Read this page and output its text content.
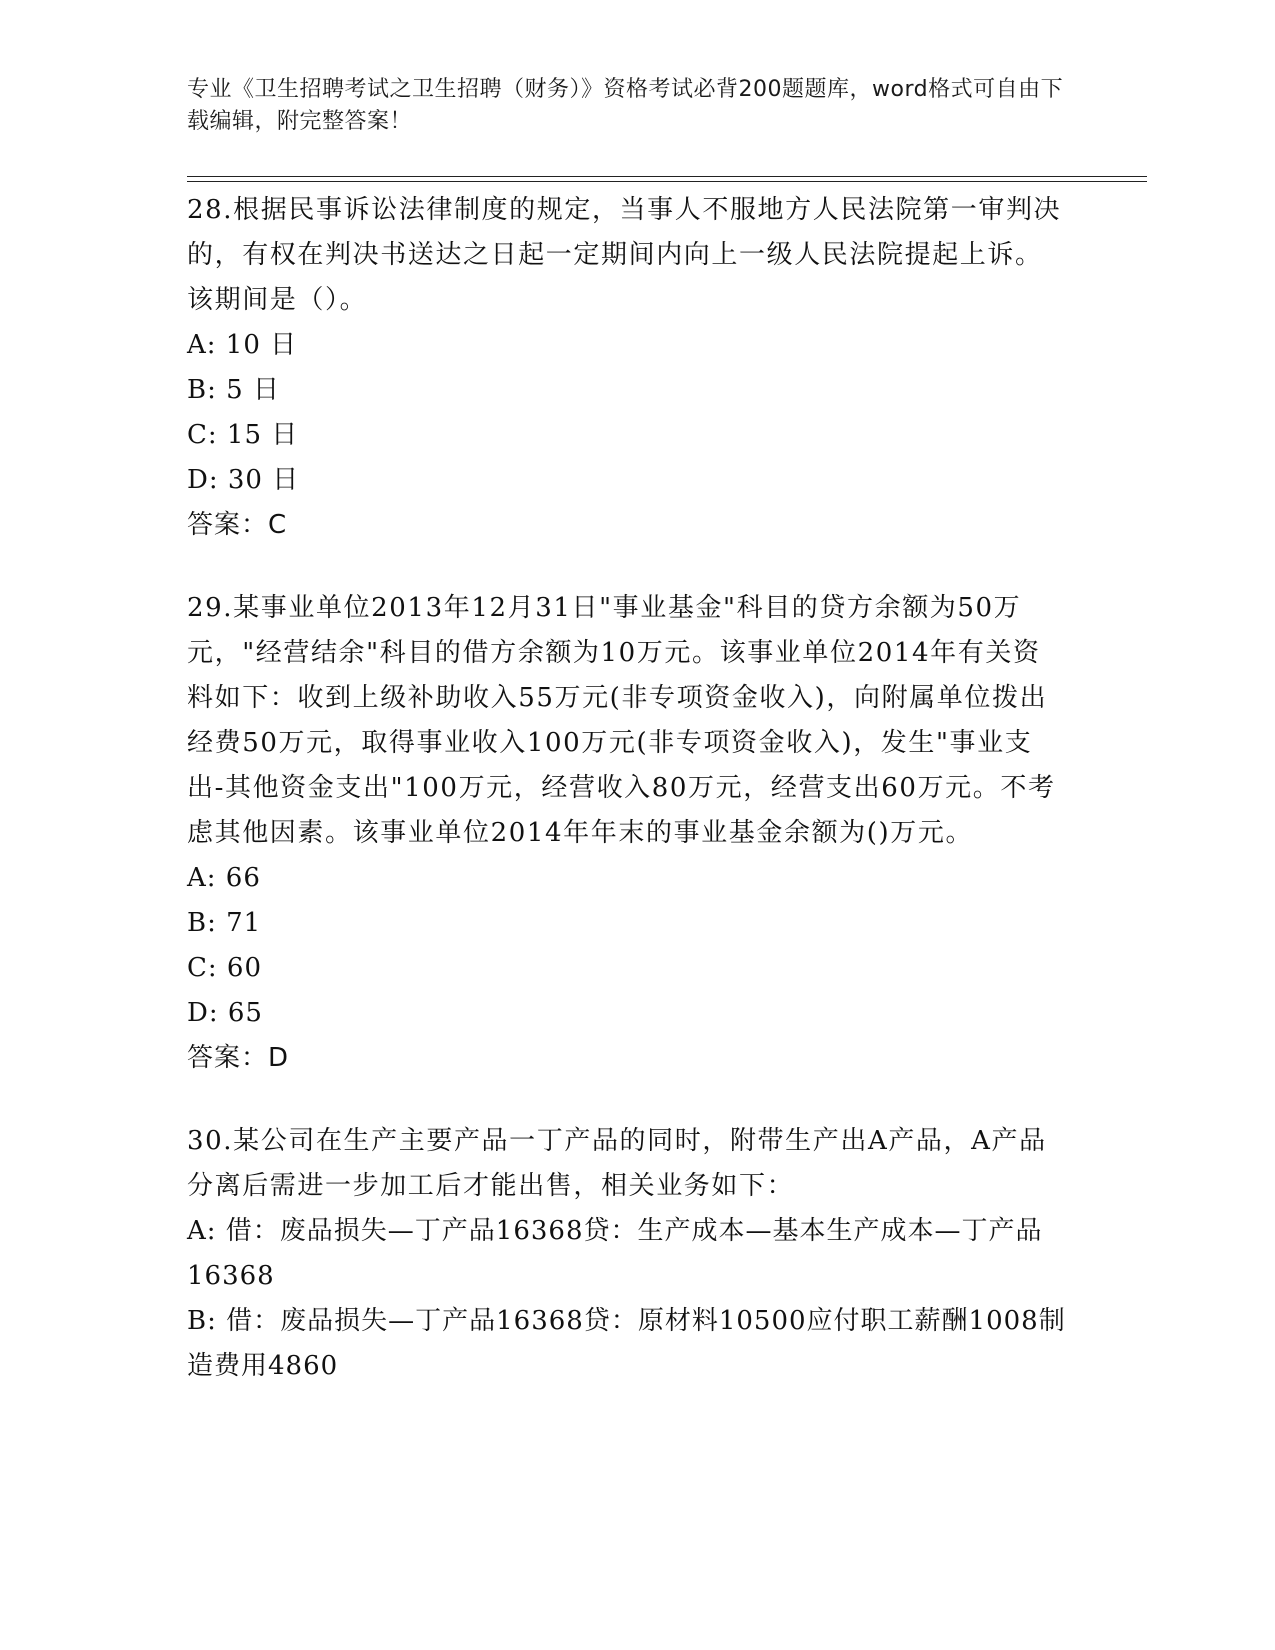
专业《卫生招聘考试之卫生招聘（财务）》资格考试必背200题题库，word格式可自由下载编辑，附完整答案！

28.根据民事诉讼法律制度的规定，当事人不服地方人民法院第一审判决的，有权在判决书送达之日起一定期间内向上一级人民法院提起上诉。该期间是（）。

A: 10 日

B: 5 日

C: 15 日

D: 30 日

答案：C

29.某事业单位2013年12月31日"事业基金"科目的贷方余额为50万元，"经营结余"科目的借方余额为10万元。该事业单位2014年有关资料如下：收到上级补助收入55万元(非专项资金收入)，向附属单位拨出经费50万元，取得事业收入100万元(非专项资金收入)，发生"事业支出-其他资金支出"100万元，经营收入80万元，经营支出60万元。不考虑其他因素。该事业单位2014年年末的事业基金余额为()万元。

A: 66

B: 71

C: 60

D: 65

答案：D

30.某公司在生产主要产品一丁产品的同时，附带生产出A产品，A产品分离后需进一步加工后才能出售，相关业务如下：

A: 借：废品损失—丁产品16368贷：生产成本—基本生产成本—丁产品16368

B: 借：废品损失—丁产品16368贷：原材料10500应付职工薪酬1008制造费用4860
